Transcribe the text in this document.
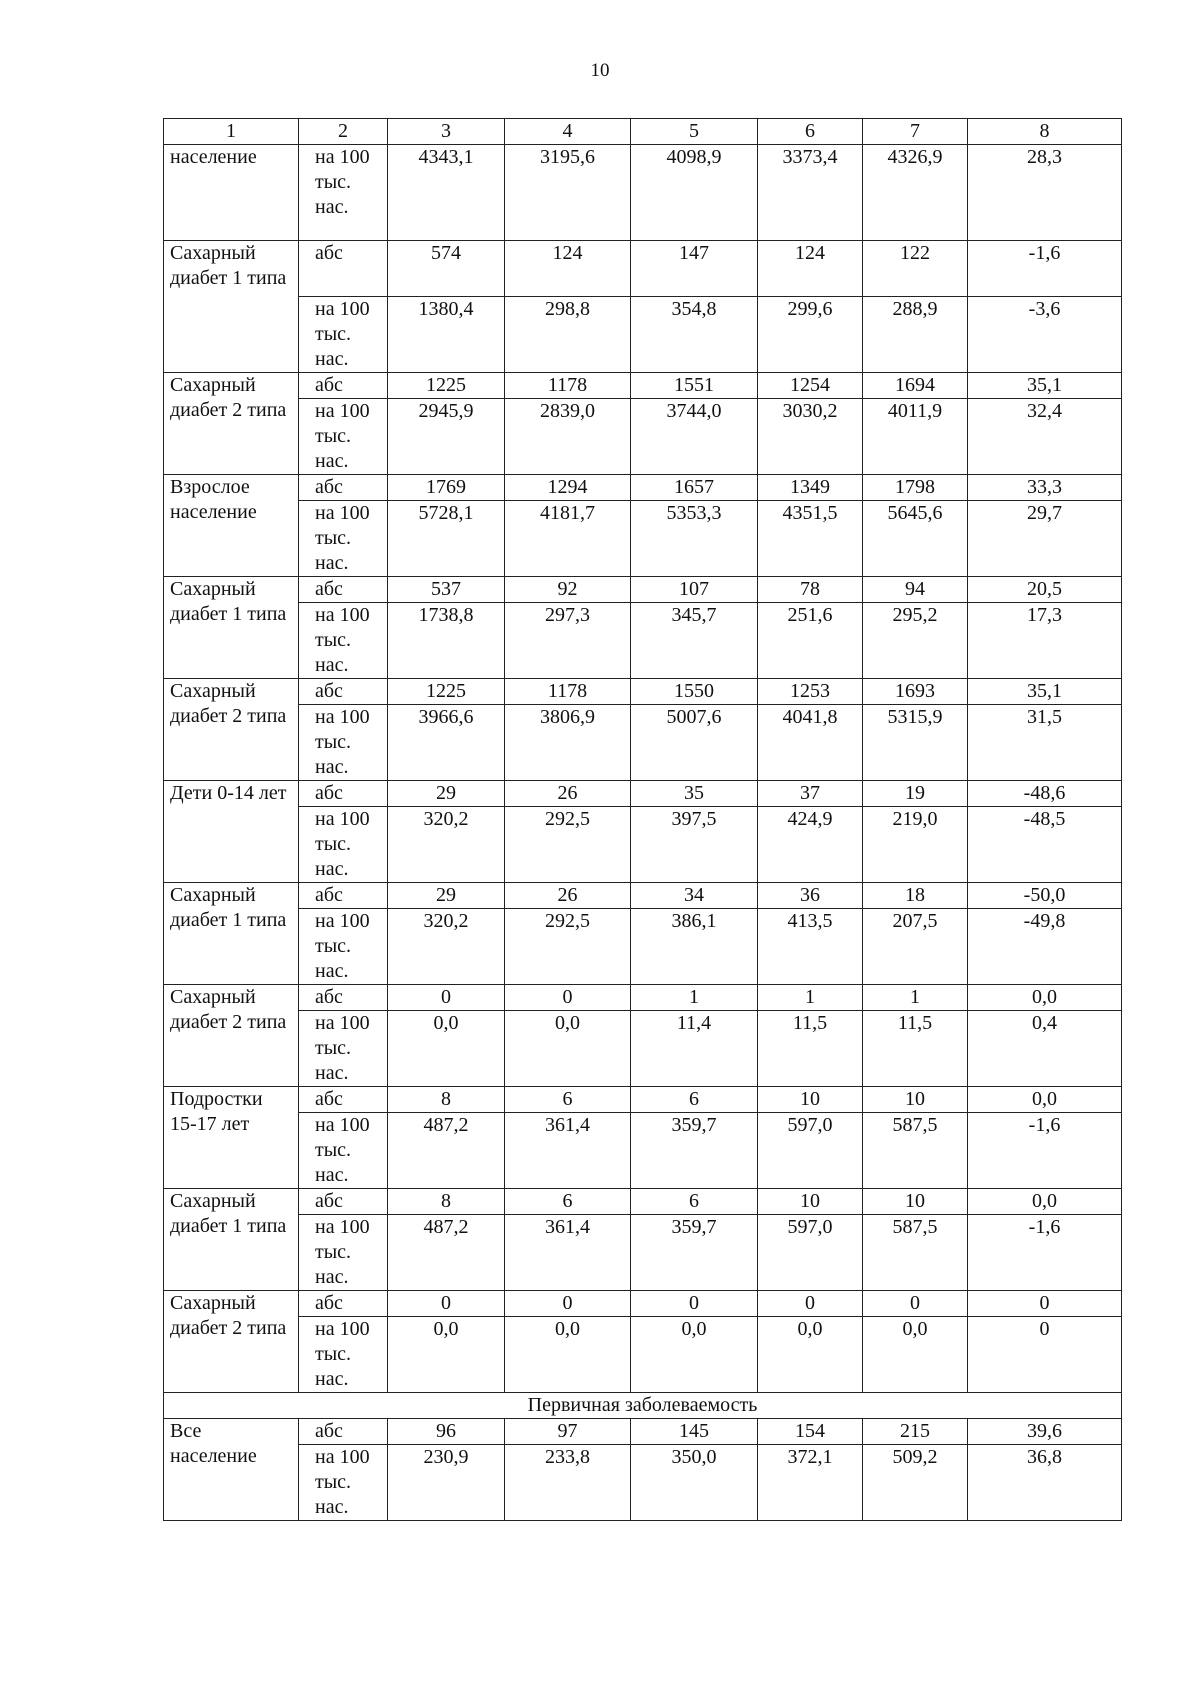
10
1	2	3	4	5	6	7	8
население	на 100 тыс. нас.	4343,1	3195,6	4098,9	3373,4	4326,9	28,3
Сахарный диабет 1 типа	абс	574	124	147	124	122	-1,6
	на 100 тыс. нас.	1380,4	298,8	354,8	299,6	288,9	-3,6
Сахарный диабет 2 типа	абс	1225	1178	1551	1254	1694	35,1
	на 100 тыс. нас.	2945,9	2839,0	3744,0	3030,2	4011,9	32,4
Взрослое население	абс	1769	1294	1657	1349	1798	33,3
	на 100 тыс. нас.	5728,1	4181,7	5353,3	4351,5	5645,6	29,7
Сахарный диабет 1 типа	абс	537	92	107	78	94	20,5
	на 100 тыс. нас.	1738,8	297,3	345,7	251,6	295,2	17,3
Сахарный диабет 2 типа	абс	1225	1178	1550	1253	1693	35,1
	на 100 тыс. нас.	3966,6	3806,9	5007,6	4041,8	5315,9	31,5
Дети 0-14 лет	абс	29	26	35	37	19	-48,6
	на 100 тыс. нас.	320,2	292,5	397,5	424,9	219,0	-48,5
Сахарный диабет 1 типа	абс	29	26	34	36	18	-50,0
	на 100 тыс. нас.	320,2	292,5	386,1	413,5	207,5	-49,8
Сахарный диабет 2 типа	абс	0	0	1	1	1	0,0
	на 100 тыс. нас.	0,0	0,0	11,4	11,5	11,5	0,4
Подростки 15-17 лет	абс	8	6	6	10	10	0,0
	на 100 тыс. нас.	487,2	361,4	359,7	597,0	587,5	-1,6
Сахарный диабет 1 типа	абс	8	6	6	10	10	0,0
	на 100 тыс. нас.	487,2	361,4	359,7	597,0	587,5	-1,6
Сахарный диабет 2 типа	абс	0	0	0	0	0	0
	на 100 тыс. нас.	0,0	0,0	0,0	0,0	0,0	0
Первичная заболеваемость							
Все население	абс	96	97	145	154	215	39,6
	на 100 тыс. нас.	230,9	233,8	350,0	372,1	509,2	36,8
